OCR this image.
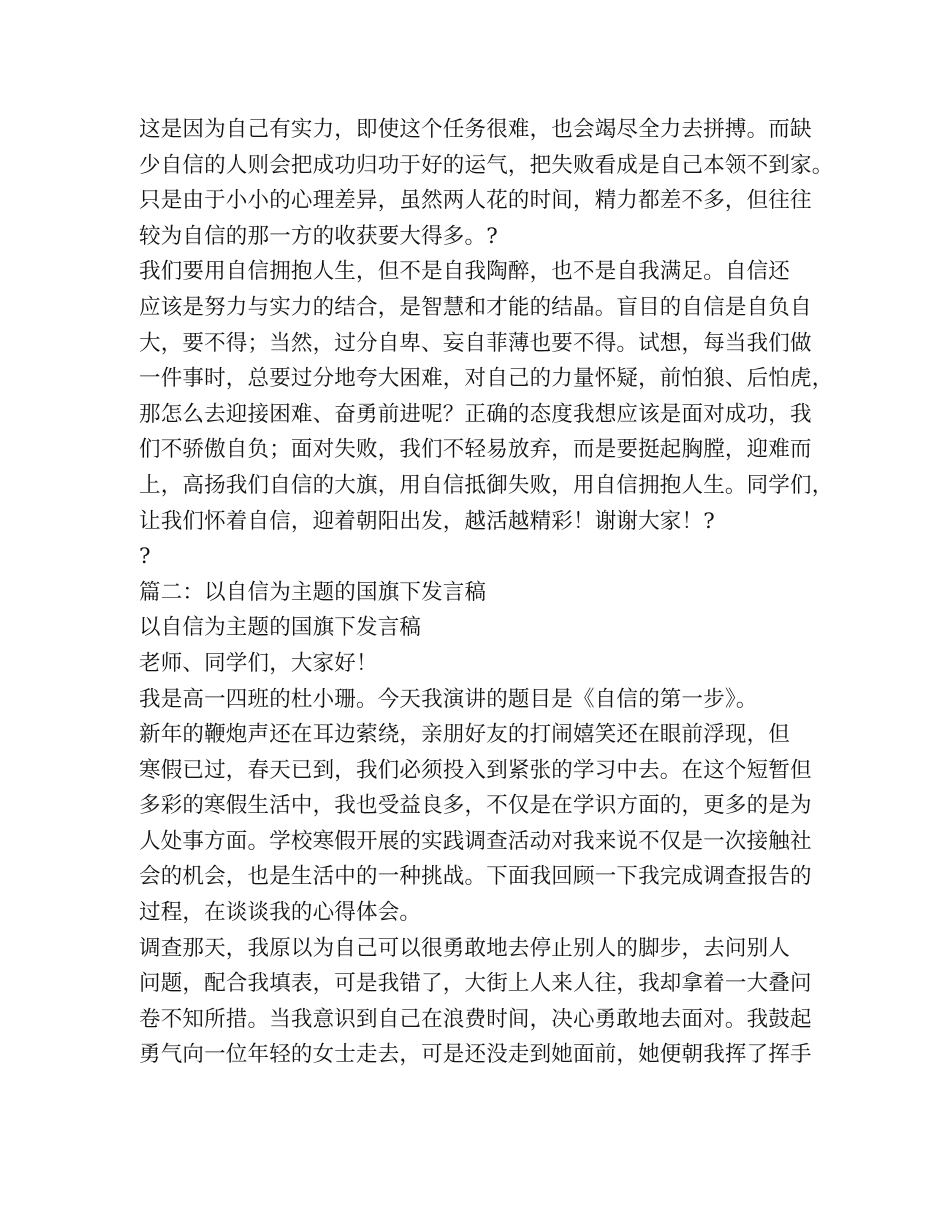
这是因为自己有实力，即使这个任务很难，也会竭尽全力去拼搏。而缺
少自信的人则会把成功归功于好的运气，把失败看成是自己本领不到家。
只是由于小小的心理差异，虽然两人花的时间，精力都差不多，但往往
较为自信的那一方的收获要大得多。?
我们要用自信拥抱人生，但不是自我陶醉，也不是自我满足。自信还
应该是努力与实力的结合，是智慧和才能的结晶。盲目的自信是自负自
大，要不得；当然，过分自卑、妄自菲薄也要不得。试想，每当我们做
一件事时，总要过分地夸大困难，对自己的力量怀疑，前怕狼、后怕虎，
那怎么去迎接困难、奋勇前进呢？正确的态度我想应该是面对成功，我
们不骄傲自负；面对失败，我们不轻易放弃，而是要挺起胸膛，迎难而
上，高扬我们自信的大旗，用自信抵御失败，用自信拥抱人生。同学们，
让我们怀着自信，迎着朝阳出发，越活越精彩！谢谢大家！?
?
篇二：以自信为主题的国旗下发言稿
以自信为主题的国旗下发言稿
老师、同学们，大家好！
我是高一四班的杜小珊。今天我演讲的题目是《自信的第一步》。
新年的鞭炮声还在耳边萦绕，亲朋好友的打闹嬉笑还在眼前浮现，但
寒假已过，春天已到，我们必须投入到紧张的学习中去。在这个短暂但
多彩的寒假生活中，我也受益良多，不仅是在学识方面的，更多的是为
人处事方面。学校寒假开展的实践调查活动对我来说不仅是一次接触社
会的机会，也是生活中的一种挑战。下面我回顾一下我完成调查报告的
过程，在谈谈我的心得体会。
调查那天，我原以为自己可以很勇敢地去停止别人的脚步，去问别人
问题，配合我填表，可是我错了，大街上人来人往，我却拿着一大叠问
卷不知所措。当我意识到自己在浪费时间，决心勇敢地去面对。我鼓起
勇气向一位年轻的女士走去，可是还没走到她面前，她便朝我挥了挥手
